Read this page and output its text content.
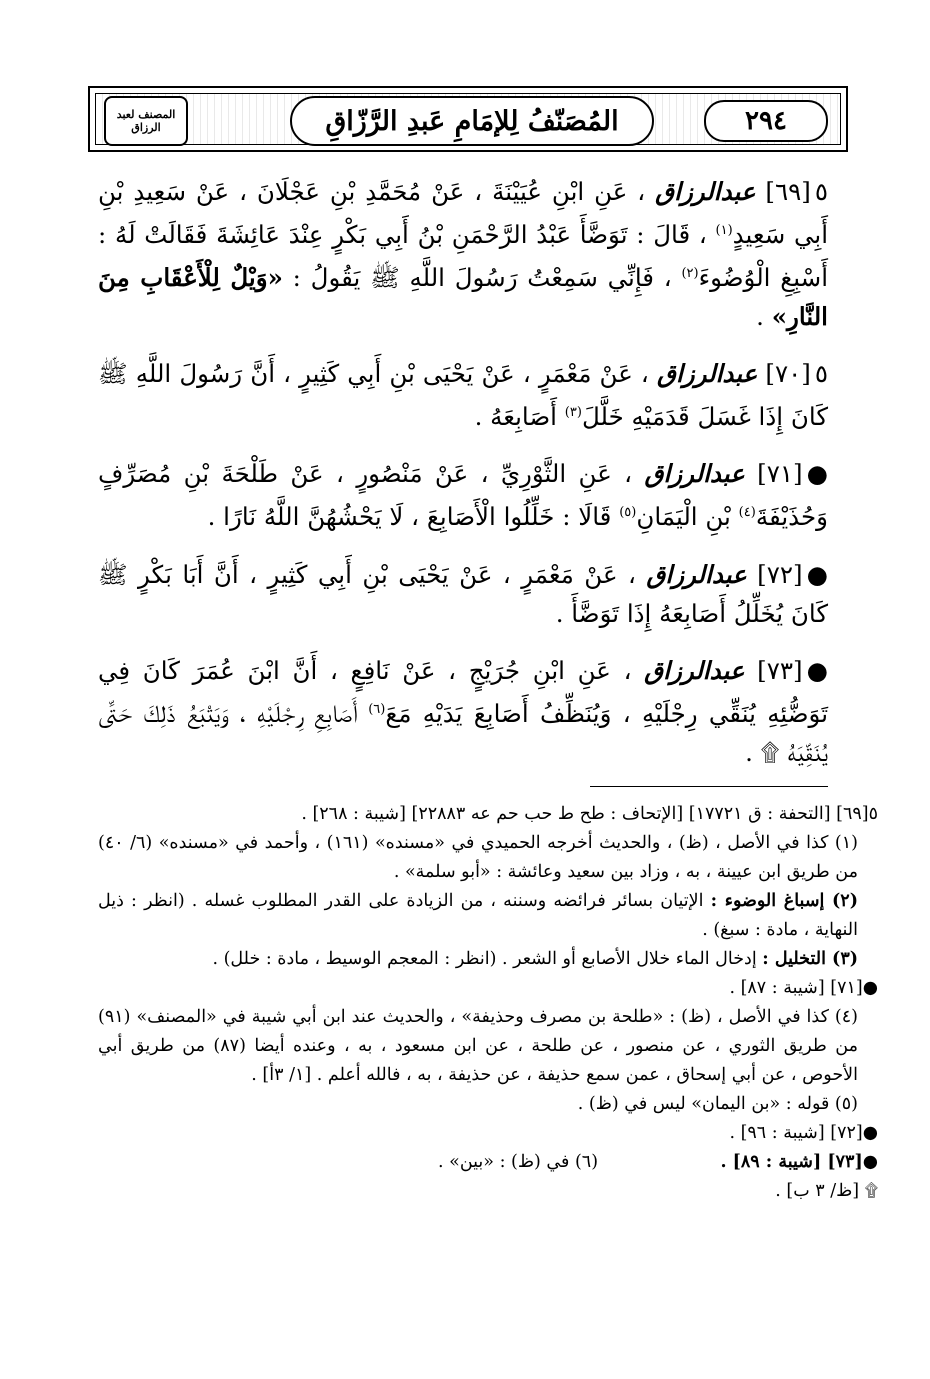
المصنف لعبد الرزاق	المُصَنّفُ لِلإمَامِ عَبدِ الرَّزّاقِ	٢٩٤

٥[٦٩] عبدالرزاق ، عَنِ ابْنِ عُيَيْنَةَ ، عَنْ مُحَمَّدِ بْنِ عَجْلَانَ ، عَنْ سَعِيدِ بْنِ أَبِي سَعِيدٍ$^{(١)}$ ، قَالَ : تَوَضَّأَ عَبْدُ الرَّحْمَنِ بْنُ أَبِي بَكْرٍ عِنْدَ عَائِشَةَ فَقَالَتْ لَهُ : أَسْبِغِ الْوُضُوءَ$^{(٢)}$ ، فَإِنِّي سَمِعْتُ رَسُولَ اللَّهِ ﷺ يَقُولُ : «وَيْلٌ لِلْأَعْقَابِ مِنَ النَّارِ» .

٥[٧٠] عبدالرزاق ، عَنْ مَعْمَرٍ ، عَنْ يَحْيَى بْنِ أَبِي كَثِيرٍ ، أَنَّ رَسُولَ اللَّهِ ﷺ كَانَ إِذَا غَسَلَ قَدَمَيْهِ خَلَّلَ$^{(٣)}$ أَصَابِعَهُ .

●[٧١] عبدالرزاق ، عَنِ الثَّوْرِيِّ ، عَنْ مَنْصُورٍ ، عَنْ طَلْحَةَ بْنِ مُصَرِّفٍ وَحُذَيْفَةَ$^{(٤)}$ بْنِ الْيَمَانِ$^{(٥)}$ قَالَا : خَلِّلُوا الْأَصَابِعَ ، لَا يَحْشُهُنَّ اللَّهُ نَارًا .

●[٧٢] عبدالرزاق ، عَنْ مَعْمَرٍ ، عَنْ يَحْيَى بْنِ أَبِي كَثِيرٍ ، أَنَّ أَبَا بَكْرٍ ﷺ كَانَ يُخَلِّلُ أَصَابِعَهُ إِذَا تَوَضَّأَ .

●[٧٣] عبدالرزاق ، عَنِ ابْنِ جُرَيْجٍ ، عَنْ نَافِعٍ ، أَنَّ ابْنَ عُمَرَ كَانَ فِي تَوَضُّئِهِ يُنَقِّي رِجْلَيْهِ ، وَيُنَظِّفُ أَصَابِعَ يَدَيْهِ مَعَ$^{(٦)}$ أَصَابِعِ رِجْلَيْهِ ، وَيَتْبَعُ ذَلِكَ حَتَّى يُنَقِّيَهُ ۩ .

٥[٦٩] [التحفة : ق ١٧٧٢١] [الإتحاف : طح ط حب حم عه ٢٢٨٨٣] [شيبة : ٢٦٨] .

(١) كذا في الأصل ، (ظ) ، والحديث أخرجه الحميدي في «مسنده» (١٦١) ، وأحمد في «مسنده» (٦/ ٤٠) من طريق ابن عيينة ، به ، وزاد بين سعيد وعائشة : «أبو سلمة» .

(٢) إسباغ الوضوء : الإتيان بسائر فرائضه وسننه ، من الزيادة على القدر المطلوب غسله . (انظر : ذيل النهاية ، مادة : سبغ) .

(٣) التخليل : إدخال الماء خلال الأصابع أو الشعر . (انظر : المعجم الوسيط ، مادة : خلل) .

●[٧١] [شيبة : ٨٧] .

(٤) كذا في الأصل ، (ظ) : «طلحة بن مصرف وحذيفة» ، والحديث عند ابن أبي شيبة في «المصنف» (٩١) من طريق الثوري ، عن منصور ، عن طلحة ، عن ابن مسعود ، به ، وعنده أيضا (٨٧) من طريق أبي الأحوص ، عن أبي إسحاق ، عمن سمع حذيفة ، عن حذيفة ، به ، فالله أعلم . [١/ ٣أ] .

(٥) قوله : «بن اليمان» ليس في (ظ) .

●[٧٢] [شيبة : ٩٦] .

●[٧٣] [شيبة : ٨٩] .
(٦) في (ظ) : «بين» .

۩ [ظ/ ٣ ب] .
